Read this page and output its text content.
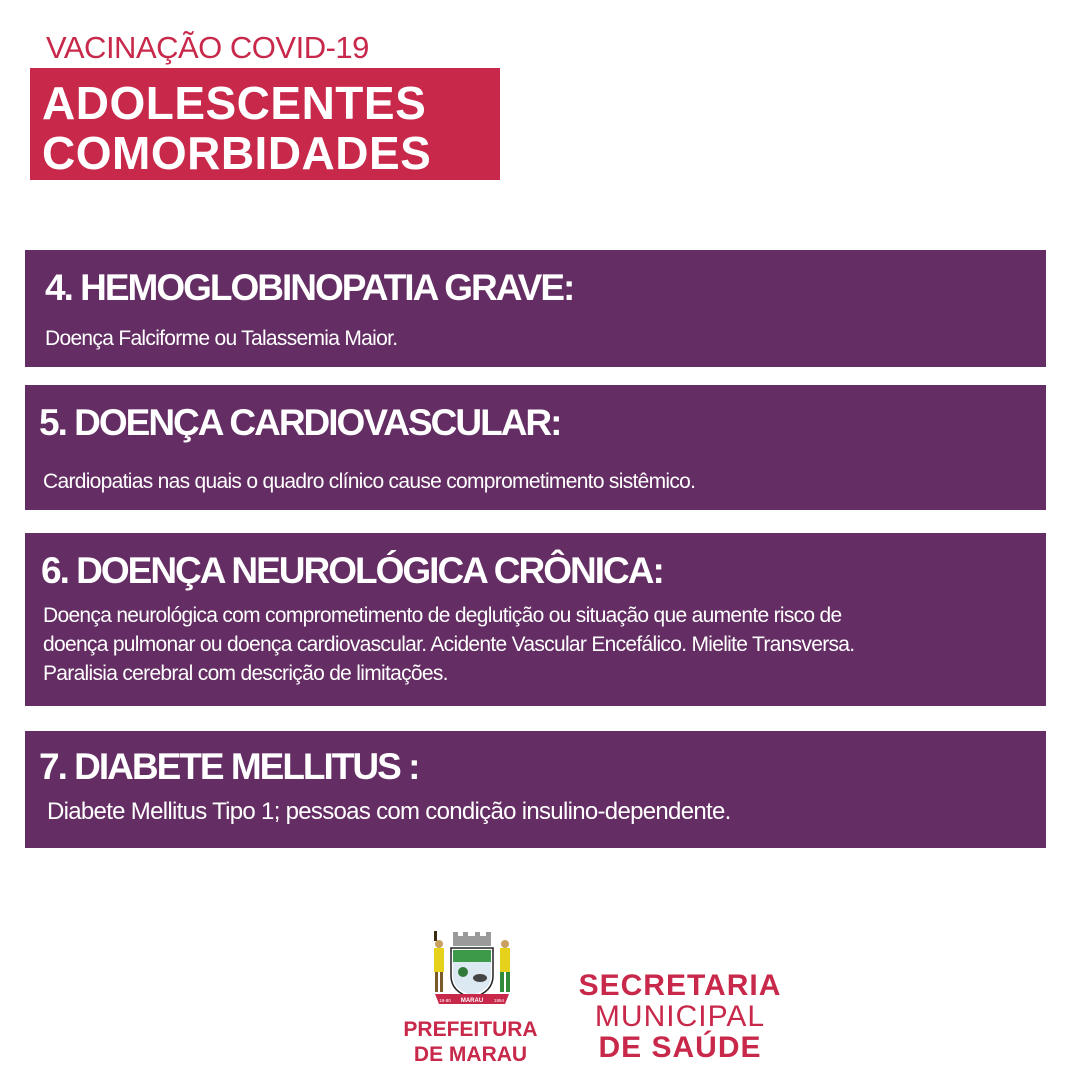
VACINAÇÃO COVID-19
ADOLESCENTES
COMORBIDADES
4. HEMOGLOBINOPATIA GRAVE:

Doença Falciforme ou Talassemia Maior.

5. DOENÇA CARDIOVASCULAR:

Cardiopatias nas quais o quadro clínico cause comprometimento sistêmico.

6. DOENÇA NEUROLÓGICA CRÔNICA:

Doença neurológica com comprometimento de deglutição ou situação que aumente risco de
doença pulmonar ou doença cardiovascular. Acidente Vascular Encefálico. Mielite Transversa.
Paralisia cerebral com descrição de limitações.

7. DIABETE MELLITUS :

Diabete Mellitus Tipo 1; pessoas com condição insulino-dependente.

MARAU
18-80	1954
PREFEITURA
DE MARAU
SECRETARIA
MUNICIPAL
DE SAÚDE
